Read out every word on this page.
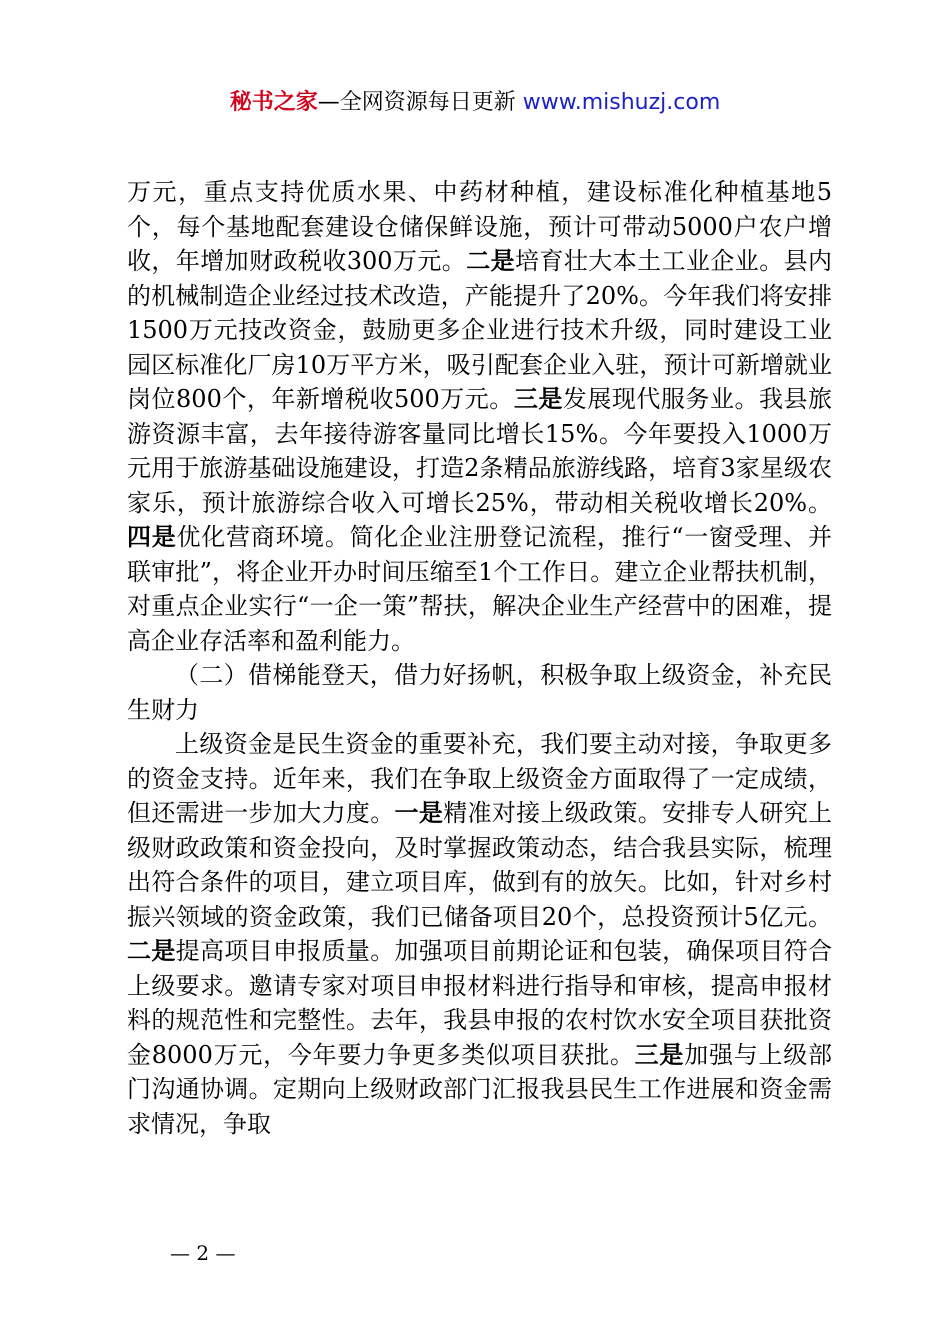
秘书之家—全网资源每日更新 www.mishuzj.com

万元，重点支持优质水果、中药材种植，建设标准化种植基地5个，每个基地配套建设仓储保鲜设施，预计可带动5000户农户增收，年增加财政税收300万元。二是培育壮大本土工业企业。县内的机械制造企业经过技术改造，产能提升了20%。今年我们将安排1500万元技改资金，鼓励更多企业进行技术升级，同时建设工业园区标准化厂房10万平方米，吸引配套企业入驻，预计可新增就业岗位800个，年新增税收500万元。三是发展现代服务业。我县旅游资源丰富，去年接待游客量同比增长15%。今年要投入1000万元用于旅游基础设施建设，打造2条精品旅游线路，培育3家星级农家乐，预计旅游综合收入可增长25%，带动相关税收增长20%。四是优化营商环境。简化企业注册登记流程，推行“一窗受理、并联审批”，将企业开办时间压缩至1个工作日。建立企业帮扶机制，对重点企业实行“一企一策”帮扶，解决企业生产经营中的困难，提高企业存活率和盈利能力。

（二）借梯能登天，借力好扬帆，积极争取上级资金，补充民生财力

上级资金是民生资金的重要补充，我们要主动对接，争取更多的资金支持。近年来，我们在争取上级资金方面取得了一定成绩，但还需进一步加大力度。一是精准对接上级政策。安排专人研究上级财政政策和资金投向，及时掌握政策动态，结合我县实际，梳理出符合条件的项目，建立项目库，做到有的放矢。比如，针对乡村振兴领域的资金政策，我们已储备项目20个，总投资预计5亿元。二是提高项目申报质量。加强项目前期论证和包装，确保项目符合上级要求。邀请专家对项目申报材料进行指导和审核，提高申报材料的规范性和完整性。去年，我县申报的农村饮水安全项目获批资金8000万元，今年要力争更多类似项目获批。三是加强与上级部门沟通协调。定期向上级财政部门汇报我县民生工作进展和资金需求情况，争取

— 2 —
